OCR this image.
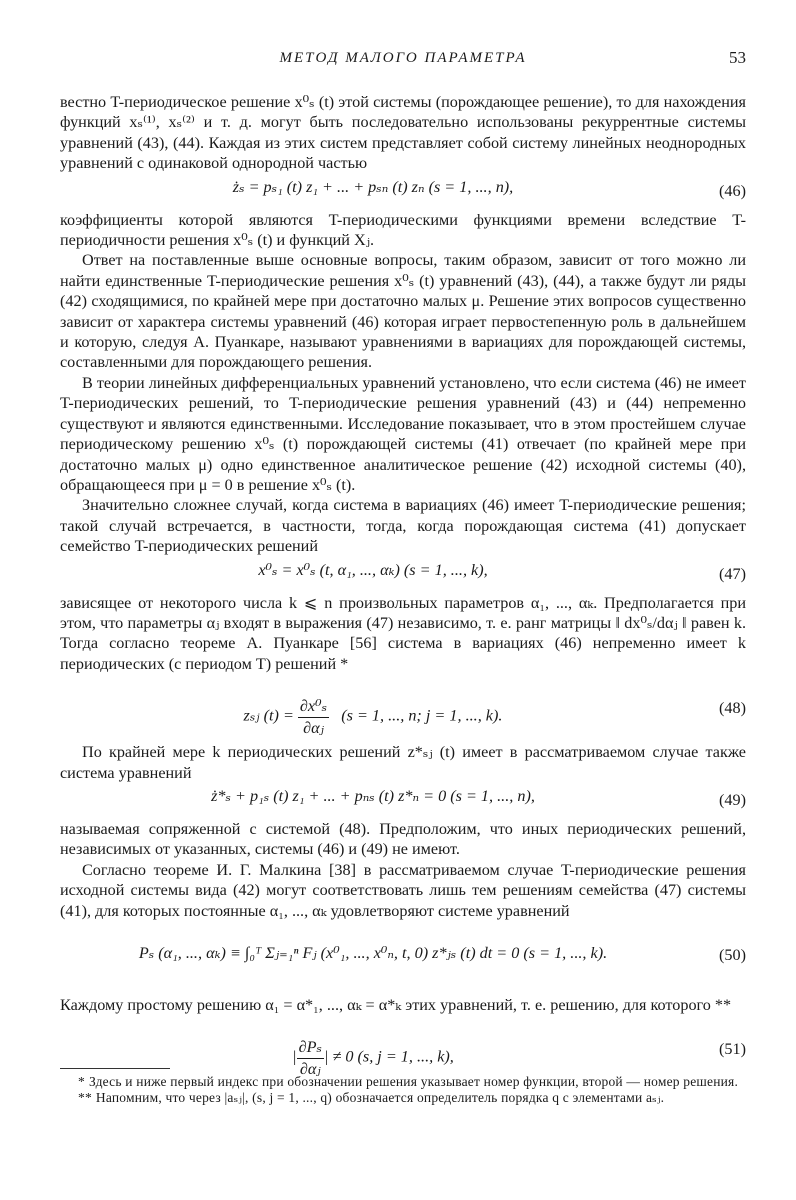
МЕТОД МАЛОГО ПАРАМЕТРА	53

вестно T-периодическое решение x⁰ₛ (t) этой системы (порождающее решение), то для нахождения функций xₛ⁽¹⁾, xₛ⁽²⁾ и т. д. могут быть последовательно использованы рекуррентные системы уравнений (43), (44). Каждая из этих систем представляет собой систему линейных неоднородных уравнений с одинаковой однородной частью

żₛ = pₛ₁ (t) z₁ + ... + pₛₙ (t) zₙ (s = 1, ..., n),	(46)

коэффициенты которой являются T-периодическими функциями времени вследствие T-периодичности решения x⁰ₛ (t) и функций Xⱼ.

Ответ на поставленные выше основные вопросы, таким образом, зависит от того можно ли найти единственные T-периодические решения x⁰ₛ (t) уравнений (43), (44), а также будут ли ряды (42) сходящимися, по крайней мере при достаточно малых μ. Решение этих вопросов существенно зависит от характера системы уравнений (46) которая играет первостепенную роль в дальнейшем и которую, следуя А. Пуанкаре, называют уравнениями в вариациях для порождающей системы, составленными для порождающего решения.

В теории линейных дифференциальных уравнений установлено, что если система (46) не имеет T-периодических решений, то T-периодические решения уравнений (43) и (44) непременно существуют и являются единственными. Исследование показывает, что в этом простейшем случае периодическому решению x⁰ₛ (t) порождающей системы (41) отвечает (по крайней мере при достаточно малых μ) одно единственное аналитическое решение (42) исходной системы (40), обращающееся при μ = 0 в решение x⁰ₛ (t).

Значительно сложнее случай, когда система в вариациях (46) имеет T-периодические решения; такой случай встречается, в частности, тогда, когда порождающая система (41) допускает семейство T-периодических решений

x⁰ₛ = x⁰ₛ (t, α₁, ..., αₖ) (s = 1, ..., k),	(47)

зависящее от некоторого числа k ⩽ n произвольных параметров α₁, ..., αₖ. Предполагается при этом, что параметры αⱼ входят в выражения (47) независимо, т. е. ранг матрицы ‖ dx⁰ₛ/dαⱼ ‖ равен k. Тогда согласно теореме А. Пуанкаре [56] система в вариациях (46) непременно имеет k периодических (с периодом T) решений *

zₛⱼ $(t) = \frac{\text{∂x⁰ₛ}}{\text{∂αⱼ}} (s = 1$, ..., n; j = 1, ..., k).	(48)

По крайней мере k периодических решений z*ₛⱼ (t) имеет в рассматриваемом случае также система уравнений

ż*ₛ + p₁ₛ (t) z₁ + ... + pₙₛ (t) z*ₙ = 0 (s = 1, ..., n),	(49)

называемая сопряженной с системой (48). Предположим, что иных периодических решений, независимых от указанных, системы (46) и (49) не имеют.

Согласно теореме И. Г. Малкина [38] в рассматриваемом случае T-периодические решения исходной системы вида (42) могут соответствовать лишь тем решениям семейства (47) системы (41), для которых постоянные α₁, ..., αₖ удовлетворяют системе уравнений

Pₛ (α₁, ..., αₖ) ≡ ∫₀ᵀ Σⱼ₌₁ⁿ Fⱼ (x⁰₁, ..., x⁰ₙ, t, 0) z*ⱼₛ (t) dt = 0 (s = 1, ..., k).	(50)

Каждому простому решению α₁ = α*₁, ..., αₖ = α*ₖ этих уравнений, т. е. решению, для которого **

| $\frac{\text{∂Pₛ}}{\text{∂αⱼ}}$ | ≠ 0 (s, j = 1, ..., k),	(51)

* Здесь и ниже первый индекс при обозначении решения указывает номер функции, второй — номер решения.

** Напомним, что через |aₛⱼ|, (s, j = 1, ..., q) обозначается определитель порядка q с элементами aₛⱼ.
